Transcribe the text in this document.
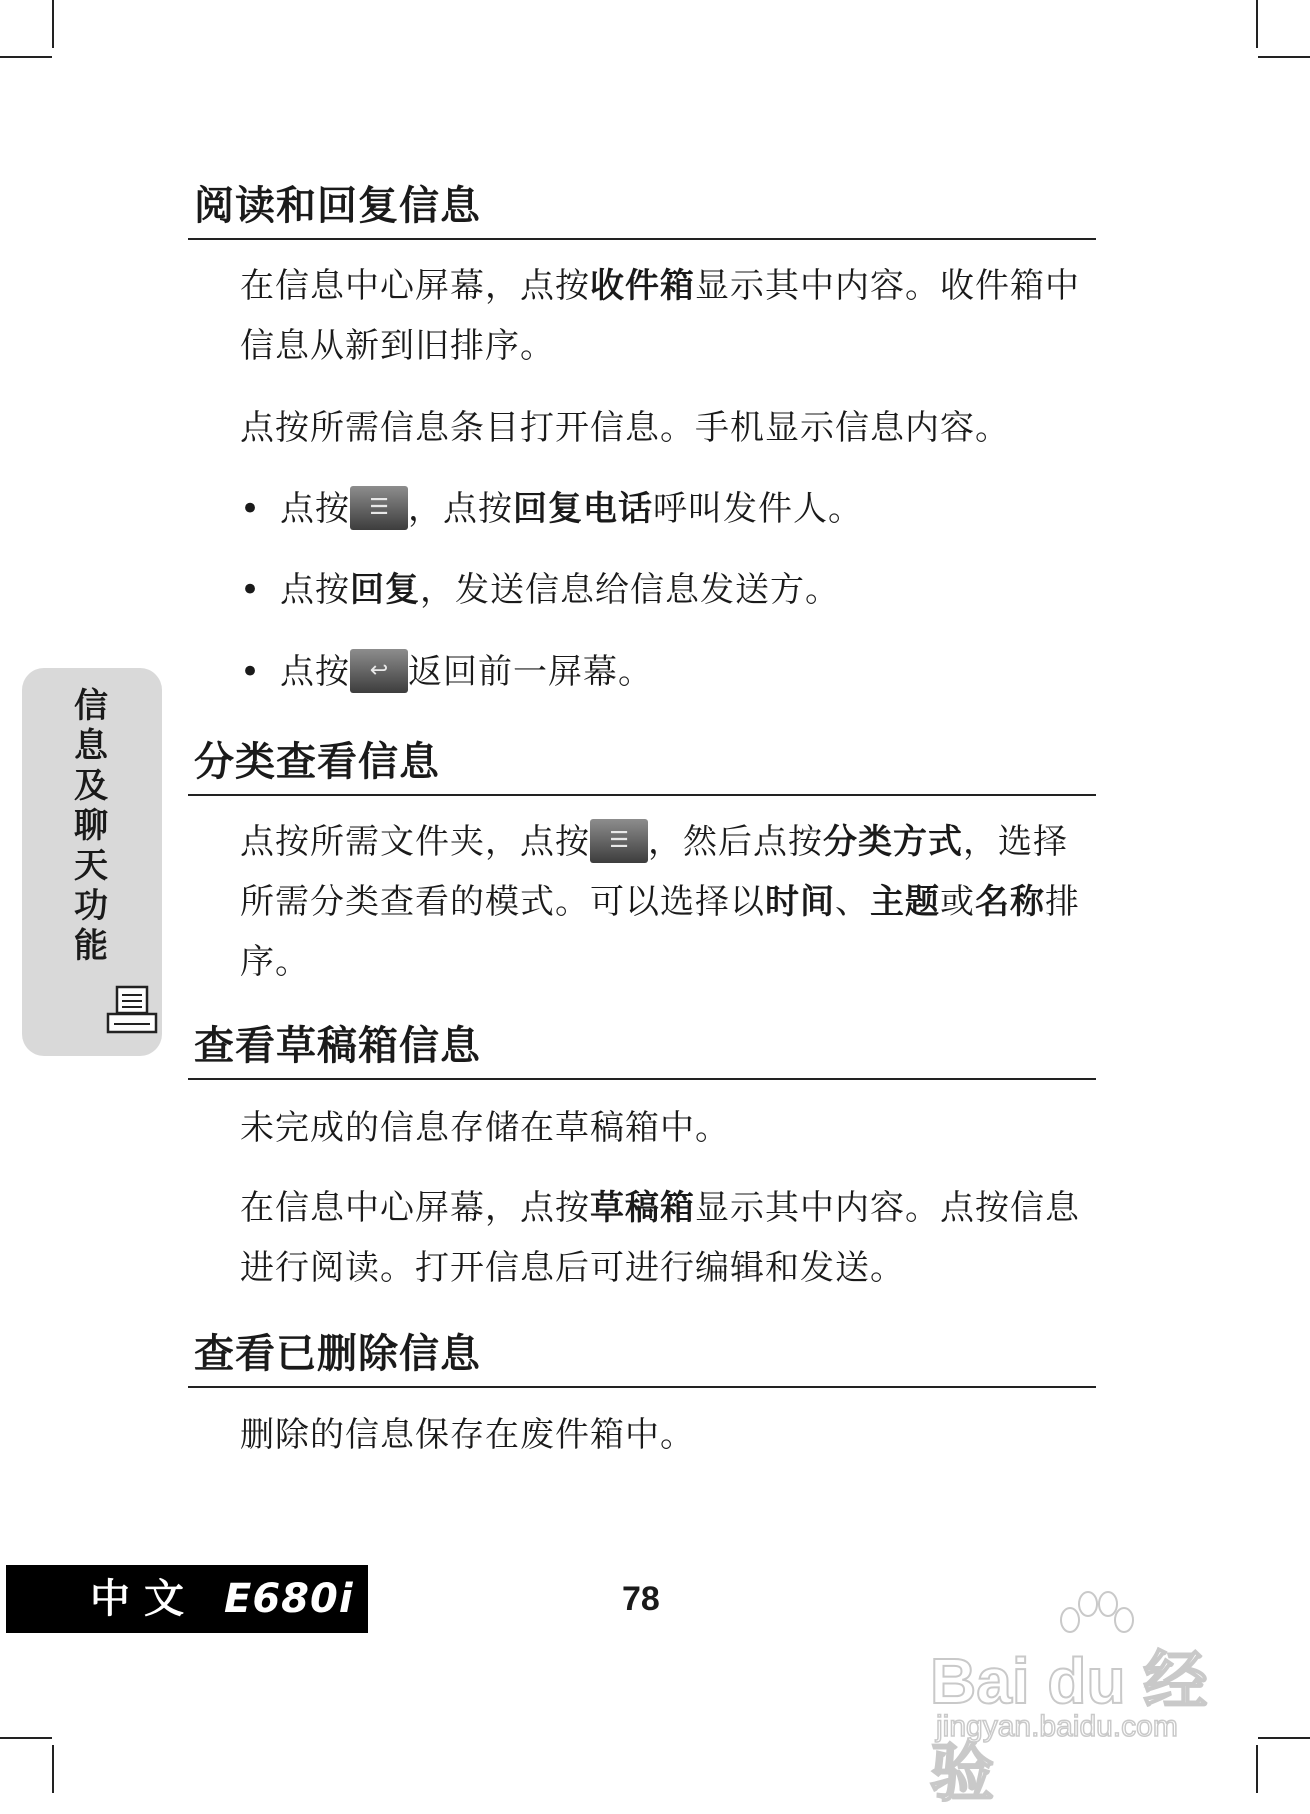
阅读和回复信息

在信息中心屏幕，点按收件箱显示其中内容。收件箱中信息从新到旧排序。

点按所需信息条目打开信息。手机显示信息内容。

• 点按 ☰ ，点按回复电话呼叫发件人。
• 点按回复，发送信息给信息发送方。
• 点按 ↩ 返回前一屏幕。
分类查看信息

点按所需文件夹，点按 ☰ ，然后点按分类方式，选择所需分类查看的模式。可以选择以时间、主题或名称排序。

查看草稿箱信息

未完成的信息存储在草稿箱中。

在信息中心屏幕，点按草稿箱显示其中内容。点按信息进行阅读。打开信息后可进行编辑和发送。

查看已删除信息

删除的信息保存在废件箱中。

信
息
及
聊
天
功
能
中文 E680i	78
Bai du 经验
jingyan.baidu.com
